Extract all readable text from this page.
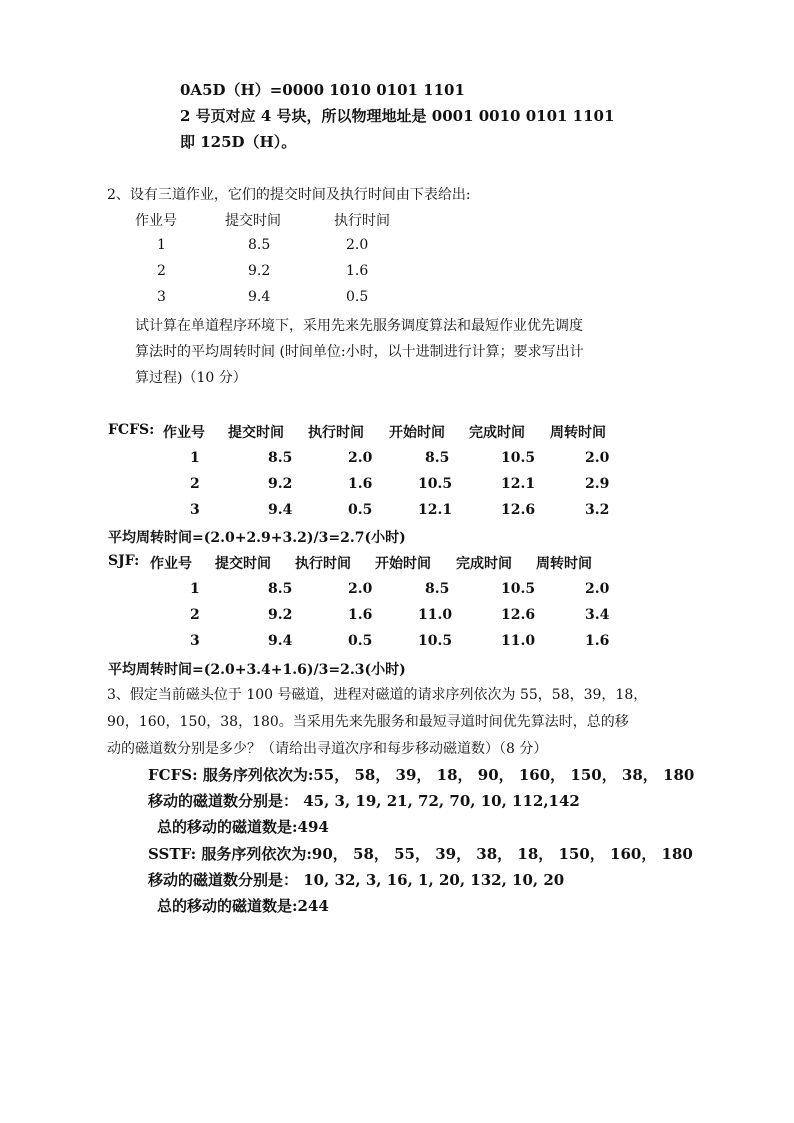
0A5D（H）=0000 1010 0101 1101
2 号页对应 4 号块，所以物理地址是 0001 0010 0101 1101
即 125D（H）。
2、设有三道作业，它们的提交时间及执行时间由下表给出:
作业号	提交时间	执行时间
1	8.5	2.0
2	9.2	1.6
3	9.4	0.5
试计算在单道程序环境下，采用先来先服务调度算法和最短作业优先调度
算法时的平均周转时间 (时间单位:小时，以十进制进行计算；要求写出计
算过程)（10 分）
FCFS: 作业号 提交时间 执行时间 开始时间 完成时间 周转时间
1	8.5	2.0	8.5	10.5	2.0
2	9.2	1.6	10.5	12.1	2.9
3	9.4	0.5	12.1	12.6	3.2
平均周转时间=(2.0+2.9+3.2)/3=2.7(小时)
SJF: 作业号 提交时间 执行时间 开始时间 完成时间 周转时间
1	8.5	2.0	8.5	10.5	2.0
2	9.2	1.6	11.0	12.6	3.4
3	9.4	0.5	10.5	11.0	1.6
平均周转时间=(2.0+3.4+1.6)/3=2.3(小时)
3、假定当前磁头位于 100 号磁道，进程对磁道的请求序列依次为 55，58，39，18，
90，160，150，38，180。当采用先来先服务和最短寻道时间优先算法时，总的移
动的磁道数分别是多少？（请给出寻道次序和每步移动磁道数）（8 分）
FCFS: 服务序列依次为:55， 58， 39， 18， 90， 160， 150， 38， 180
移动的磁道数分别是： 45, 3, 19, 21, 72, 70, 10, 112,142
总的移动的磁道数是:494
SSTF: 服务序列依次为:90， 58， 55， 39， 38， 18， 150， 160， 180
移动的磁道数分别是： 10, 32, 3, 16, 1, 20, 132, 10, 20
总的移动的磁道数是:244
